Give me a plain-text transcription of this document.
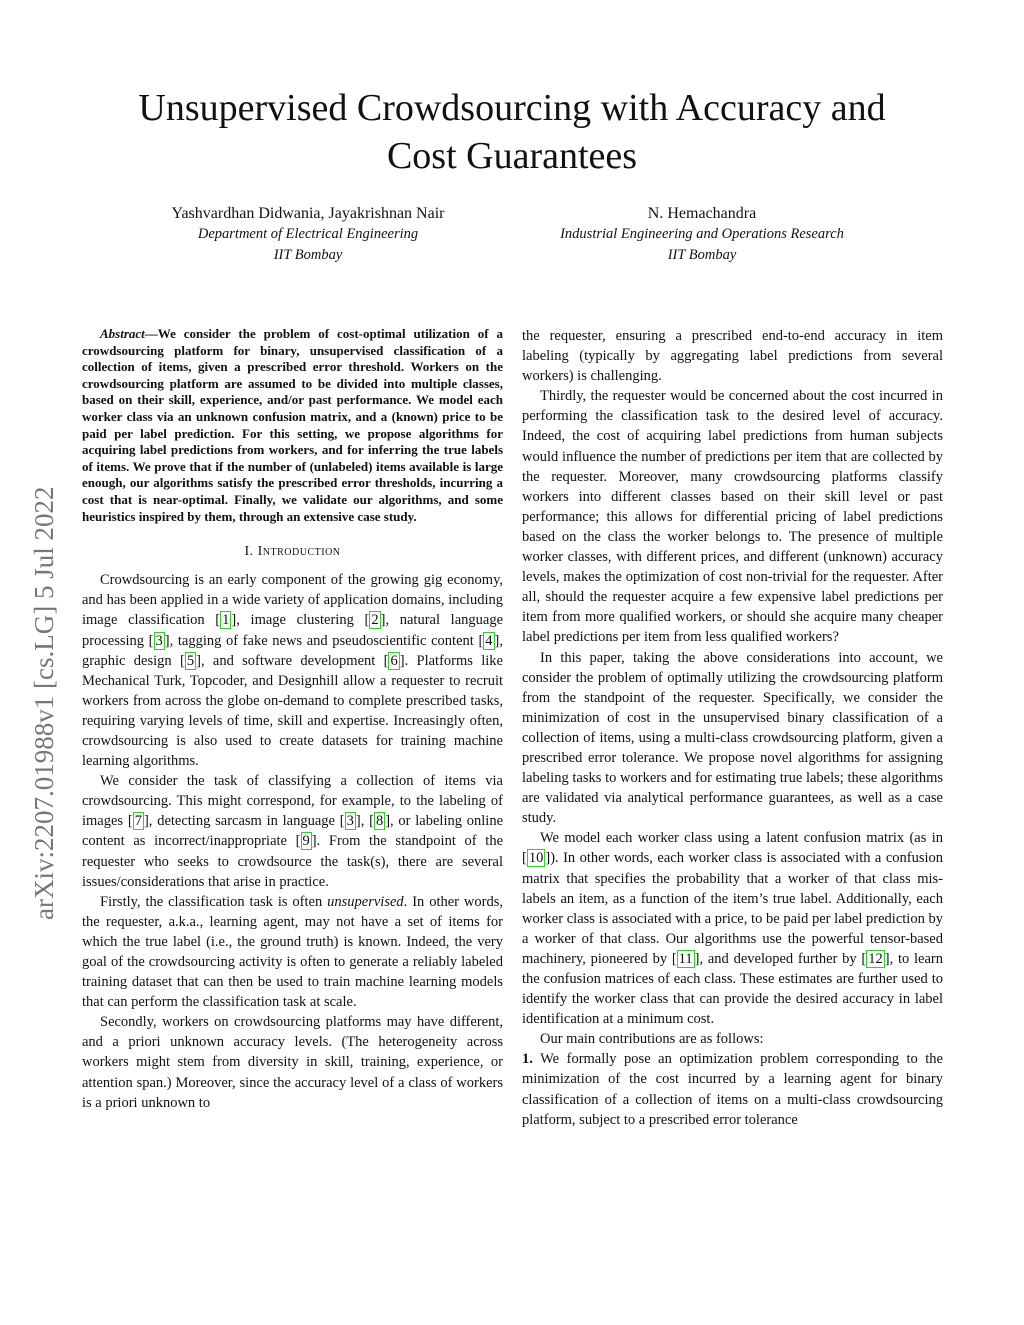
Unsupervised Crowdsourcing with Accuracy and
Cost Guarantees
Yashvardhan Didwania, Jayakrishnan Nair
Department of Electrical Engineering
IIT Bombay
N. Hemachandra
Industrial Engineering and Operations Research
IIT Bombay
arXiv:2207.01988v1 [cs.LG] 5 Jul 2022

Abstract—We consider the problem of cost-optimal utilization of a crowdsourcing platform for binary, unsupervised classification of a collection of items, given a prescribed error threshold. Workers on the crowdsourcing platform are assumed to be divided into multiple classes, based on their skill, experience, and/or past performance. We model each worker class via an unknown confusion matrix, and a (known) price to be paid per label prediction. For this setting, we propose algorithms for acquiring label predictions from workers, and for inferring the true labels of items. We prove that if the number of (unlabeled) items available is large enough, our algorithms satisfy the prescribed error thresholds, incurring a cost that is near-optimal. Finally, we validate our algorithms, and some heuristics inspired by them, through an extensive case study.

I. Introduction

Crowdsourcing is an early component of the growing gig economy, and has been applied in a wide variety of application domains, including image classification [ 1 ], image clustering [ 2 ], natural language processing [ 3 ], tagging of fake news and pseudoscientific content [ 4 ], graphic design [ 5 ], and software development [ 6 ]. Platforms like Mechanical Turk, Topcoder, and Designhill allow a requester to recruit workers from across the globe on-demand to complete prescribed tasks, requiring varying levels of time, skill and expertise. Increasingly often, crowdsourcing is also used to create datasets for training machine learning algorithms.

We consider the task of classifying a collection of items via crowdsourcing. This might correspond, for example, to the labeling of images [ 7 ], detecting sarcasm in language [ 3 ], [ 8 ], or labeling online content as incorrect/inappropriate [ 9 ]. From the standpoint of the requester who seeks to crowdsource the task(s), there are several issues/considerations that arise in practice.

Firstly, the classification task is often unsupervised. In other words, the requester, a.k.a., learning agent, may not have a set of items for which the true label (i.e., the ground truth) is known. Indeed, the very goal of the crowdsourcing activity is often to generate a reliably labeled training dataset that can then be used to train machine learning models that can perform the classification task at scale.

Secondly, workers on crowdsourcing platforms may have different, and a priori unknown accuracy levels. (The heterogeneity across workers might stem from diversity in skill, training, experience, or attention span.) Moreover, since the accuracy level of a class of workers is a priori unknown to

the requester, ensuring a prescribed end-to-end accuracy in item labeling (typically by aggregating label predictions from several workers) is challenging.

Thirdly, the requester would be concerned about the cost incurred in performing the classification task to the desired level of accuracy. Indeed, the cost of acquiring label predictions from human subjects would influence the number of predictions per item that are collected by the requester. Moreover, many crowdsourcing platforms classify workers into different classes based on their skill level or past performance; this allows for differential pricing of label predictions based on the class the worker belongs to. The presence of multiple worker classes, with different prices, and different (unknown) accuracy levels, makes the optimization of cost non-trivial for the requester. After all, should the requester acquire a few expensive label predictions per item from more qualified workers, or should she acquire many cheaper label predictions per item from less qualified workers?

In this paper, taking the above considerations into account, we consider the problem of optimally utilizing the crowdsourcing platform from the standpoint of the requester. Specifically, we consider the minimization of cost in the unsupervised binary classification of a collection of items, using a multi-class crowdsourcing platform, given a prescribed error tolerance. We propose novel algorithms for assigning labeling tasks to workers and for estimating true labels; these algorithms are validated via analytical performance guarantees, as well as a case study.

We model each worker class using a latent confusion matrix (as in [ 10 ]). In other words, each worker class is associated with a confusion matrix that specifies the probability that a worker of that class mis-labels an item, as a function of the item’s true label. Additionally, each worker class is associated with a price, to be paid per label prediction by a worker of that class. Our algorithms use the powerful tensor-based machinery, pioneered by [ 11 ], and developed further by [ 12 ], to learn the confusion matrices of each class. These estimates are further used to identify the worker class that can provide the desired accuracy in label identification at a minimum cost.

Our main contributions are as follows:

1. We formally pose an optimization problem corresponding to the minimization of the cost incurred by a learning agent for binary classification of a collection of items on a multi-class crowdsourcing platform, subject to a prescribed error tolerance
